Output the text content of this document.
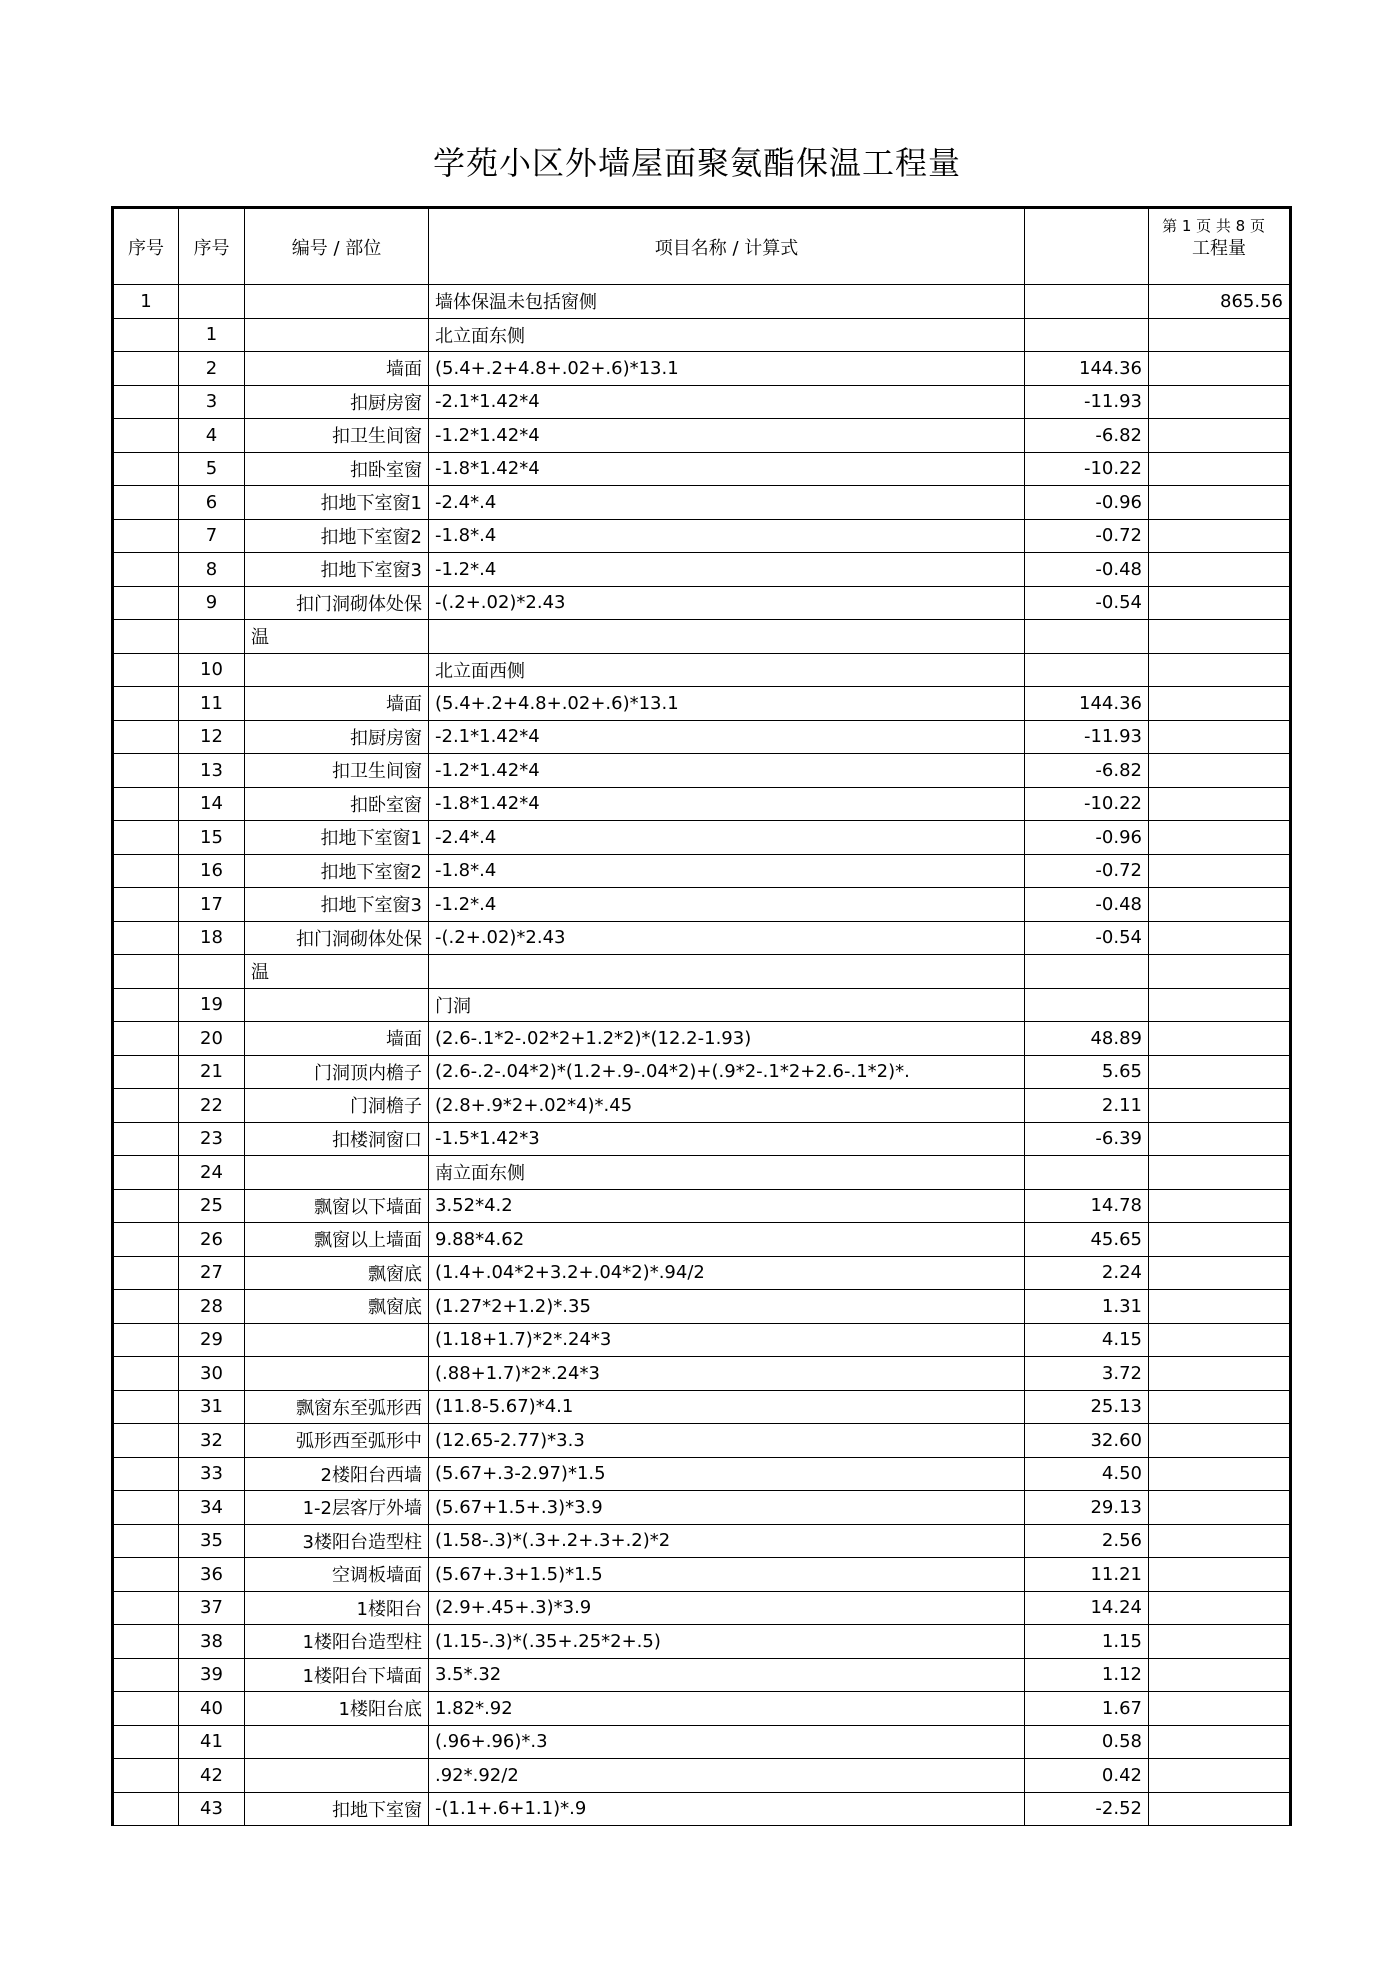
学苑小区外墙屋面聚氨酯保温工程量
序号	序号	编号 / 部位	项目名称 / 计算式		第 1 页 共 8 页
工程量
1			墙体保温未包括窗侧		865.56
	1		北立面东侧		
	2	墙面	(5.4+.2+4.8+.02+.6)*13.1	144.36	
	3	扣厨房窗	-2.1*1.42*4	-11.93	
	4	扣卫生间窗	-1.2*1.42*4	-6.82	
	5	扣卧室窗	-1.8*1.42*4	-10.22	
	6	扣地下室窗1	-2.4*.4	-0.96	
	7	扣地下室窗2	-1.8*.4	-0.72	
	8	扣地下室窗3	-1.2*.4	-0.48	
	9	扣门洞砌体处保	-(.2+.02)*2.43	-0.54	
		温			
	10		北立面西侧		
	11	墙面	(5.4+.2+4.8+.02+.6)*13.1	144.36	
	12	扣厨房窗	-2.1*1.42*4	-11.93	
	13	扣卫生间窗	-1.2*1.42*4	-6.82	
	14	扣卧室窗	-1.8*1.42*4	-10.22	
	15	扣地下室窗1	-2.4*.4	-0.96	
	16	扣地下室窗2	-1.8*.4	-0.72	
	17	扣地下室窗3	-1.2*.4	-0.48	
	18	扣门洞砌体处保	-(.2+.02)*2.43	-0.54	
		温			
	19		门洞		
	20	墙面	(2.6-.1*2-.02*2+1.2*2)*(12.2-1.93)	48.89	
	21	门洞顶内檐子	(2.6-.2-.04*2)*(1.2+.9-.04*2)+(.9*2-.1*2+2.6-.1*2)*.	5.65	
	22	门洞檐子	(2.8+.9*2+.02*4)*.45	2.11	
	23	扣楼洞窗口	-1.5*1.42*3	-6.39	
	24		南立面东侧		
	25	飘窗以下墙面	3.52*4.2	14.78	
	26	飘窗以上墙面	9.88*4.62	45.65	
	27	飘窗底	(1.4+.04*2+3.2+.04*2)*.94/2	2.24	
	28	飘窗底	(1.27*2+1.2)*.35	1.31	
	29		(1.18+1.7)*2*.24*3	4.15	
	30		(.88+1.7)*2*.24*3	3.72	
	31	飘窗东至弧形西	(11.8-5.67)*4.1	25.13	
	32	弧形西至弧形中	(12.65-2.77)*3.3	32.60	
	33	2楼阳台西墙	(5.67+.3-2.97)*1.5	4.50	
	34	1-2层客厅外墙	(5.67+1.5+.3)*3.9	29.13	
	35	3楼阳台造型柱	(1.58-.3)*(.3+.2+.3+.2)*2	2.56	
	36	空调板墙面	(5.67+.3+1.5)*1.5	11.21	
	37	1楼阳台	(2.9+.45+.3)*3.9	14.24	
	38	1楼阳台造型柱	(1.15-.3)*(.35+.25*2+.5)	1.15	
	39	1楼阳台下墙面	3.5*.32	1.12	
	40	1楼阳台底	1.82*.92	1.67	
	41		(.96+.96)*.3	0.58	
	42		.92*.92/2	0.42	
	43	扣地下室窗	-(1.1+.6+1.1)*.9	-2.52	
